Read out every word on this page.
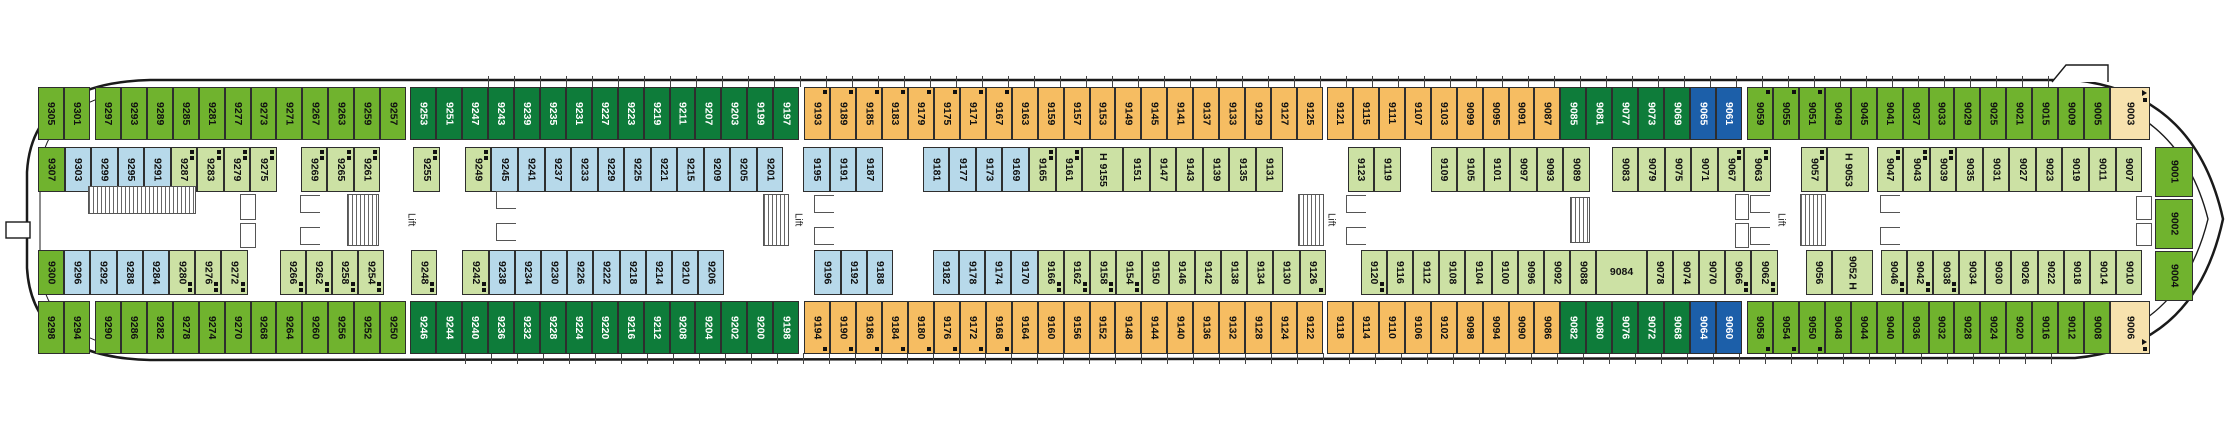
9305 9301 9297 9293 9289 9285 9281 9277 9273 9271 9267 9263 9259 9257 9253 9251 9247 9243 9239 9235 9231 9227 9223 9219 9211 9207 9203 9199 9197 9193 9189 9185 9183 9179 9175 9171 9167 9163 9159 9157 9153 9149 9145 9141 9137 9133 9129 9127 9125 9121 9115 9111 9107 9103 9099 9095 9091 9087 9085 9081 9077 9073 9069 9065 9061 9059 9055 9051 9049 9045 9041 9037 9033 9029 9025 9021 9015 9009 9005 9003
9307 9303 9299 9295 9291 9287 9283 9279 9275	9269 9265 9261	9255	9249 9245 9241 9237 9233 9229 9225 9221 9215 9209 9205 9201	9195 9191 9187	9181 9177 9173 9169 9165 9161 H 9155 9151 9147 9143 9139 9135 9131	9123 9119	9109 9105 9101 9097 9093 9089	9083 9079 9075 9071 9067 9063	9057 H 9053	9047 9043 9039 9035 9031 9027 9023 9019 9011 9007
9300 9296 9292 9288 9284 9280 9276 9272	9266 9262 9258 9254	9248	9242 9238 9234 9230 9226 9222 9218 9214 9210 9206	9196 9192 9188	9182 9178 9174 9170 9166 9162 9158 9154 9150 9146 9142 9138 9134 9130 9126	9120 9116 9112 9108 9104 9100 9096 9092 9088 9084 9078 9074 9070 9066 9062	9056 9052 H	9046 9042 9038 9034 9030 9026 9022 9018 9014 9010
9298 9294 9290 9286 9282 9278 9274 9270 9268 9264 9260 9256 9252 9250 9246 9244 9240 9236 9232 9228 9224 9220 9216 9212 9208 9204 9202 9200 9198 9194 9190 9186 9184 9180 9176 9172 9168 9164 9160 9156 9152 9148 9144 9140 9136 9132 9128 9124 9122 9118 9114 9110 9106 9102 9098 9094 9090 9086 9082 9080 9076 9072 9068 9064 9060 9058 9054 9050 9048 9044 9040 9036 9032 9028 9024 9020 9016 9012 9008 9006
Lift	Lift	Lift	Lift
9001
9002
9004
